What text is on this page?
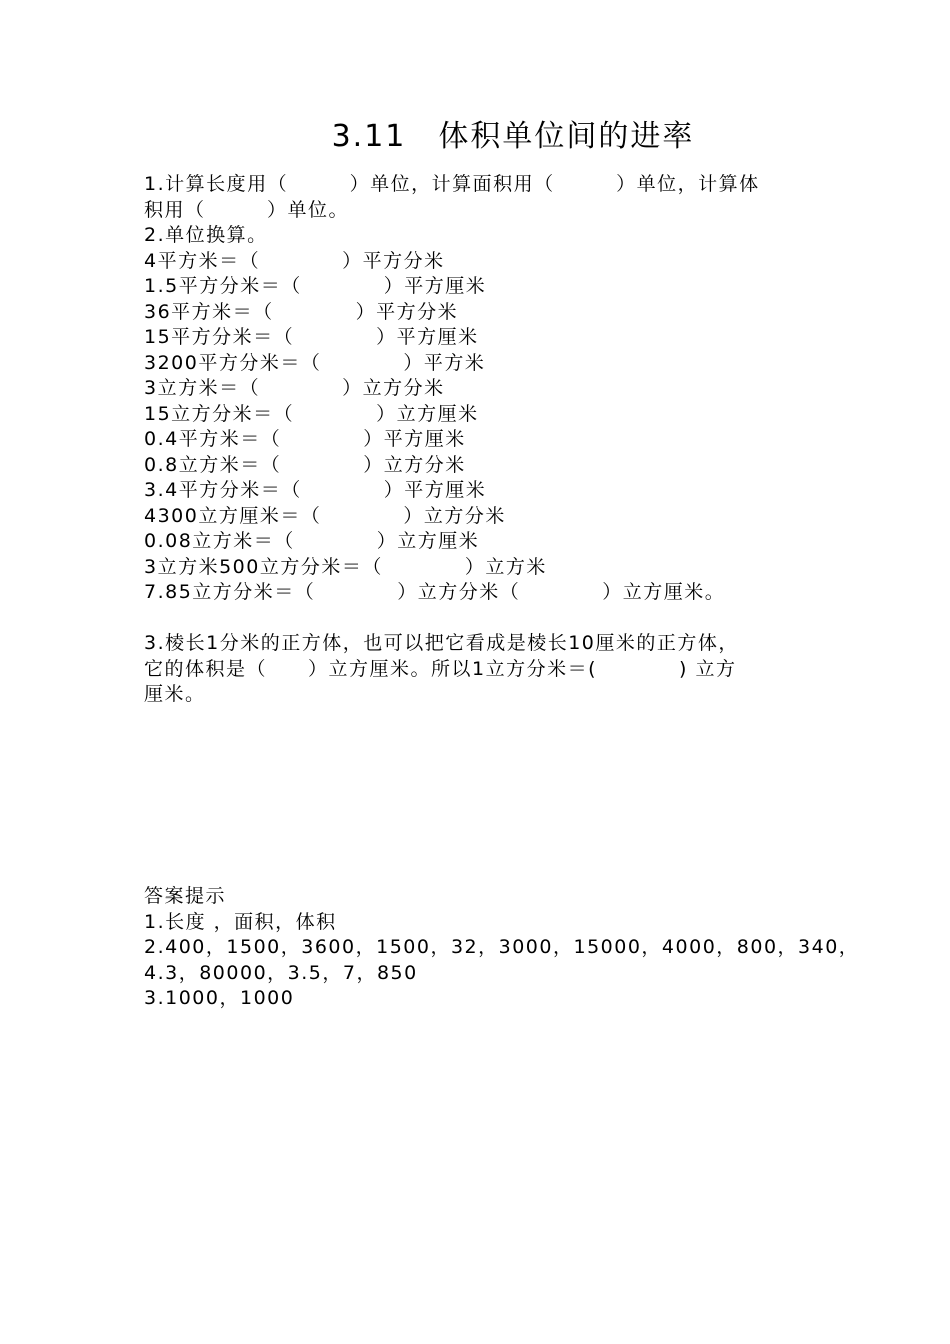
3.11　体积单位间的进率
1.计算长度用（　　　）单位，计算面积用（　　　）单位，计算体
积用（　　　）单位。
2.单位换算。
4平方米＝（　　　　）平方分米
1.5平方分米＝（　　　　）平方厘米
36平方米＝（　　　　）平方分米
15平方分米＝（　　　　）平方厘米
3200平方分米＝（　　　　）平方米
3立方米＝（　　　　）立方分米
15立方分米＝（　　　　）立方厘米
0.4平方米＝（　　　　）平方厘米
0.8立方米＝（　　　　）立方分米
3.4平方分米＝（　　　　）平方厘米
4300立方厘米＝（　　　　）立方分米
0.08立方米＝（　　　　）立方厘米
3立方米500立方分米＝（　　　　）立方米
7.85立方分米＝（　　　　）立方分米（　　　　）立方厘米。
3.棱长1分米的正方体，也可以把它看成是棱长10厘米的正方体，
它的体积是（　　）立方厘米。所以1立方分米＝(　　　　) 立方
厘米。
答案提示
1.长度 ，面积，体积
2.400，1500，3600，1500，32，3000，15000，4000，800，340，
4.3，80000，3.5，7，850
3.1000，1000
